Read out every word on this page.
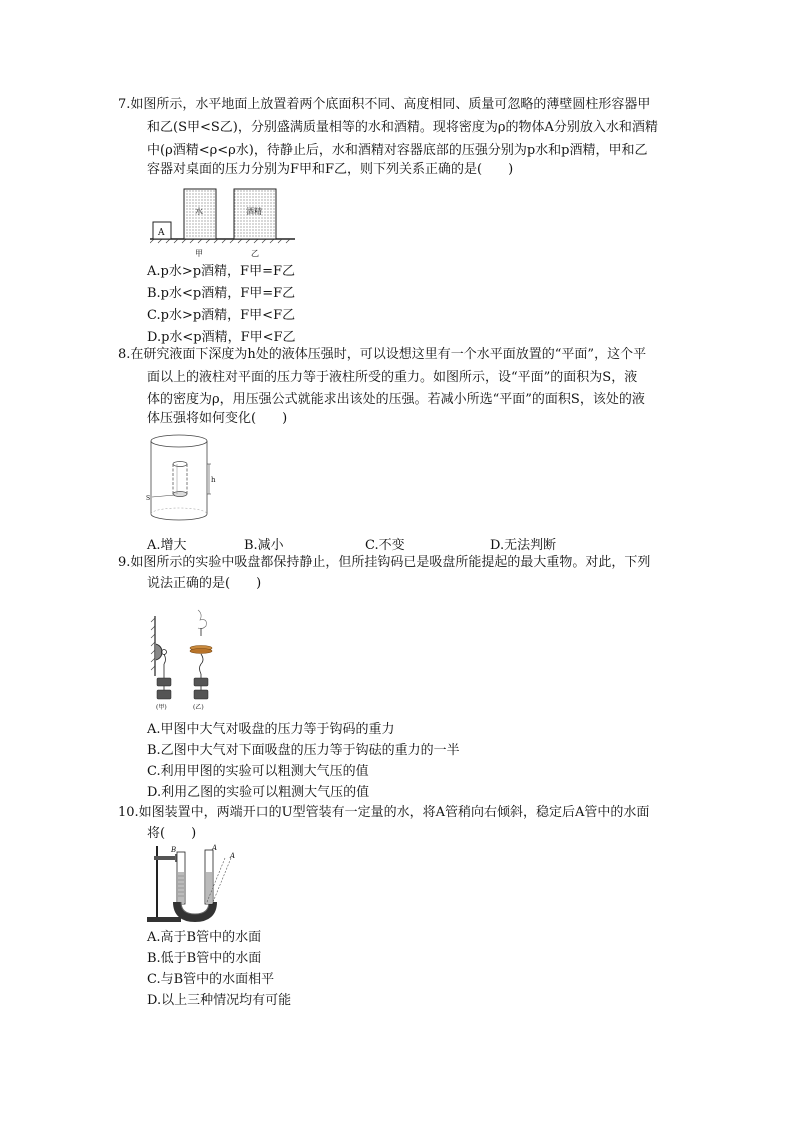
7.如图所示，水平地面上放置着两个底面积不同、高度相同、质量可忽略的薄壁圆柱形容器甲
和乙(S甲<S乙)，分别盛满质量相等的水和酒精。现将密度为ρ的物体A分别放入水和酒精
中(ρ酒精<ρ<ρ水)，待静止后，水和酒精对容器底部的压强分别为p水和p酒精，甲和乙
容器对桌面的压力分别为F甲和F乙，则下列关系正确的是(　　)
A
水	酒精
甲	乙
A.p水>p酒精，F甲=F乙
B.p水<p酒精，F甲=F乙
C.p水>p酒精，F甲<F乙
D.p水<p酒精，F甲<F乙
8.在研究液面下深度为h处的液体压强时，可以设想这里有一个水平面放置的“平面”，这个平
面以上的液柱对平面的压力等于液柱所受的重力。如图所示，设“平面”的面积为S，液
体的密度为ρ，用压强公式就能求出该处的压强。若减小所选“平面”的面积S，该处的液
体压强将如何变化(　　)
h
S
A.增大	B.减小	C.不变	D.无法判断
9.如图所示的实验中吸盘都保持静止，但所挂钩码已是吸盘所能提起的最大重物。对此，下列
说法正确的是(　　)
(甲)	(乙)
A.甲图中大气对吸盘的压力等于钩码的重力
B.乙图中大气对下面吸盘的压力等于钩砝的重力的一半
C.利用甲图的实验可以粗测大气压的值
D.利用乙图的实验可以粗测大气压的值
10.如图装置中，两端开口的U型管装有一定量的水，将A管稍向右倾斜，稳定后A管中的水面
将(　　)
B	A
A
A.高于B管中的水面
B.低于B管中的水面
C.与B管中的水面相平
D.以上三种情况均有可能
